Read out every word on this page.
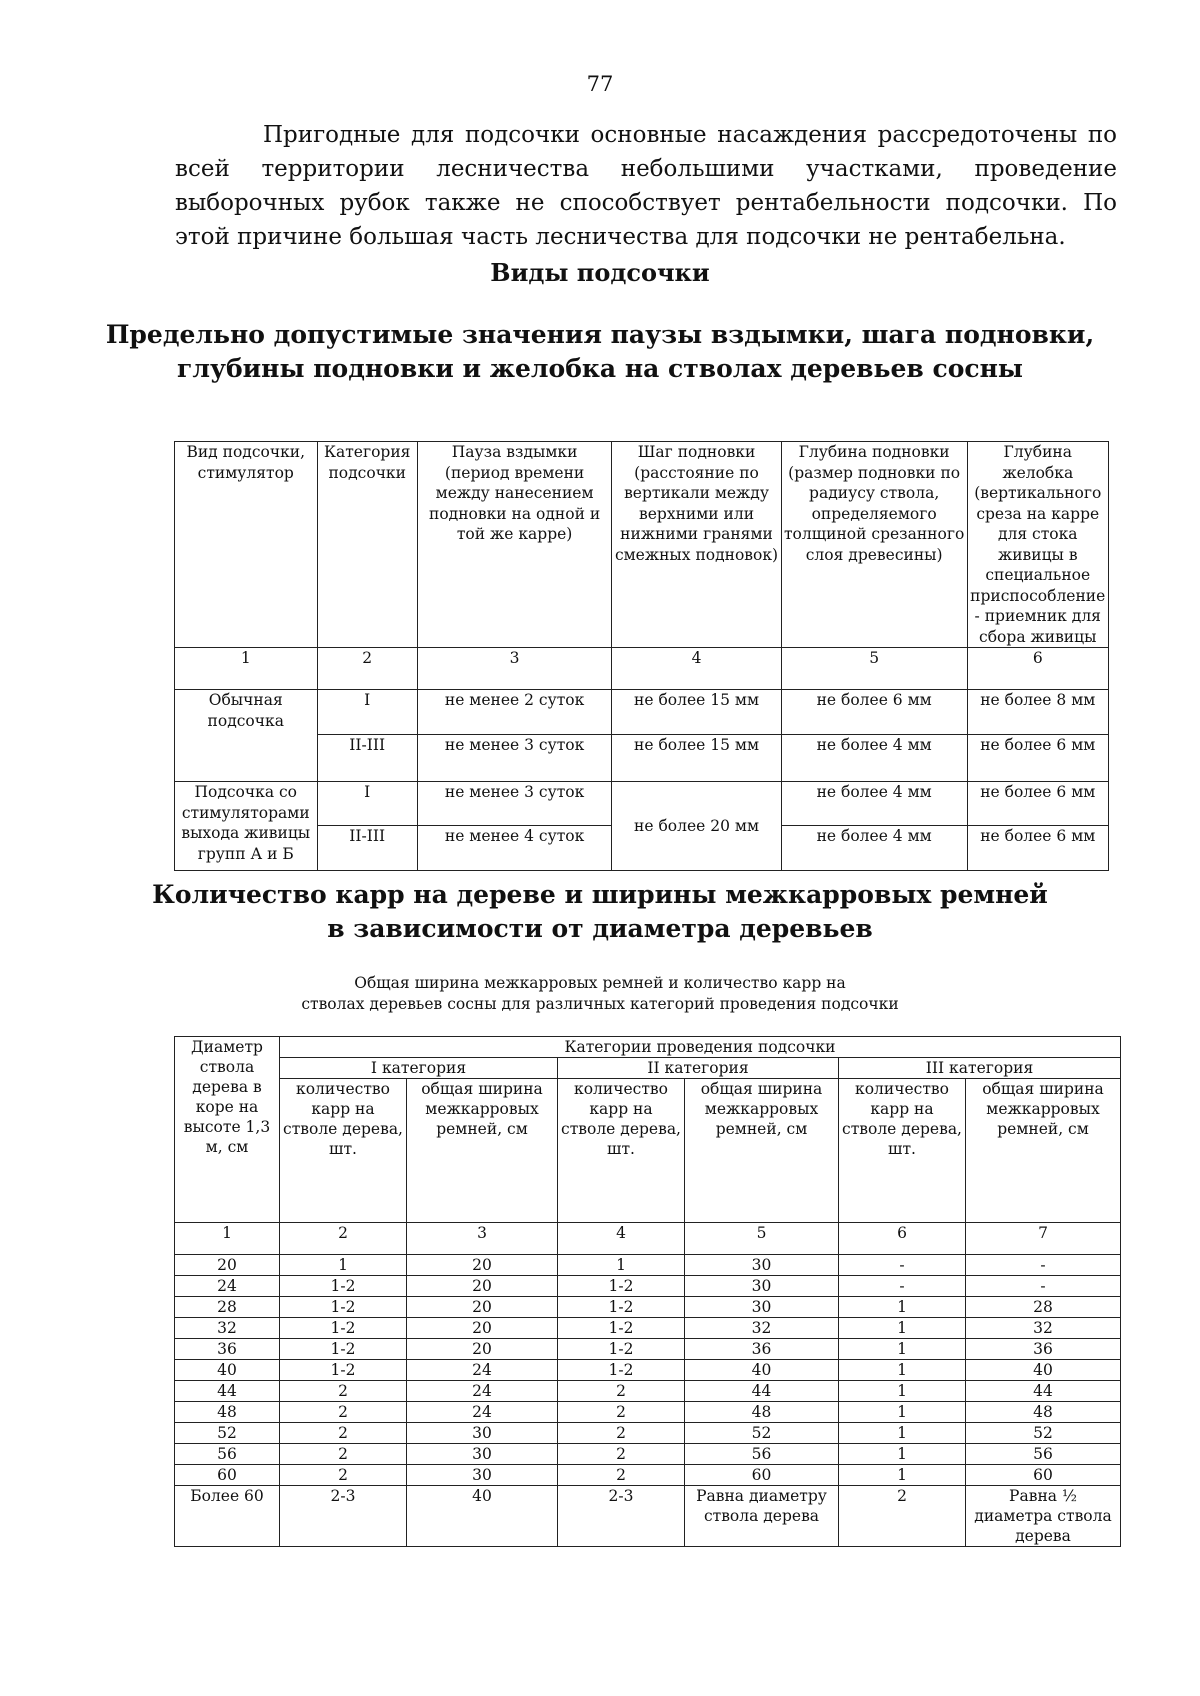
77
Пригодные для подсочки основные насаждения рассредоточены по всей территории лесничества небольшими участками, проведение выборочных рубок также не способствует рентабельности подсочки. По этой причине большая часть лесничества для подсочки не рентабельна.
Виды подсочки
Предельно допустимые значения паузы вздымки, шага подновки,
глубины подновки и желобка на стволах деревьев сосны
Вид подсочки, стимулятор	Категория подсочки	Пауза вздымки (период времени между нанесением подновки на одной и той же карре)	Шаг подновки (расстояние по вертикали между верхними или нижними гранями смежных подновок)	Глубина подновки (размер подновки по радиусу ствола, определяемого толщиной срезанного слоя древесины)	Глубина желобка (вертикального среза на карре для стока живицы в специальное приспособление - приемник для сбора живицы
1	2	3	4	5	6
Обычная подсочка	I	не менее 2 суток	не более 15 мм	не более 6 мм	не более 8 мм
	II-III	не менее 3 суток	не более 15 мм	не более 4 мм	не более 6 мм
Подсочка со стимуляторами выхода живицы групп А и Б	I	не менее 3 суток	не более 20 мм	не более 4 мм	не более 6 мм
	II-III	не менее 4 суток		не более 4 мм	не более 6 мм
Количество карр на дереве и ширины межкарровых ремней
в зависимости от диаметра деревьев
Общая ширина межкарровых ремней и количество карр на
стволах деревьев сосны для различных категорий проведения подсочки
Диаметр ствола дерева в коре на высоте 1,3 м, см	Категории проведения подсочки					
	I категория		II категория		III категория	
	количество карр на стволе дерева, шт.	общая ширина межкарровых ремней, см	количество карр на стволе дерева, шт.	общая ширина межкарровых ремней, см	количество карр на стволе дерева, шт.	общая ширина межкарровых ремней, см
1	2	3	4	5	6	7
20	1	20	1	30	-	-
24	1-2	20	1-2	30	-	-
28	1-2	20	1-2	30	1	28
32	1-2	20	1-2	32	1	32
36	1-2	20	1-2	36	1	36
40	1-2	24	1-2	40	1	40
44	2	24	2	44	1	44
48	2	24	2	48	1	48
52	2	30	2	52	1	52
56	2	30	2	56	1	56
60	2	30	2	60	1	60
Более 60	2-3	40	2-3	Равна диаметру ствола дерева	2	Равна ½ диаметра ствола дерева
